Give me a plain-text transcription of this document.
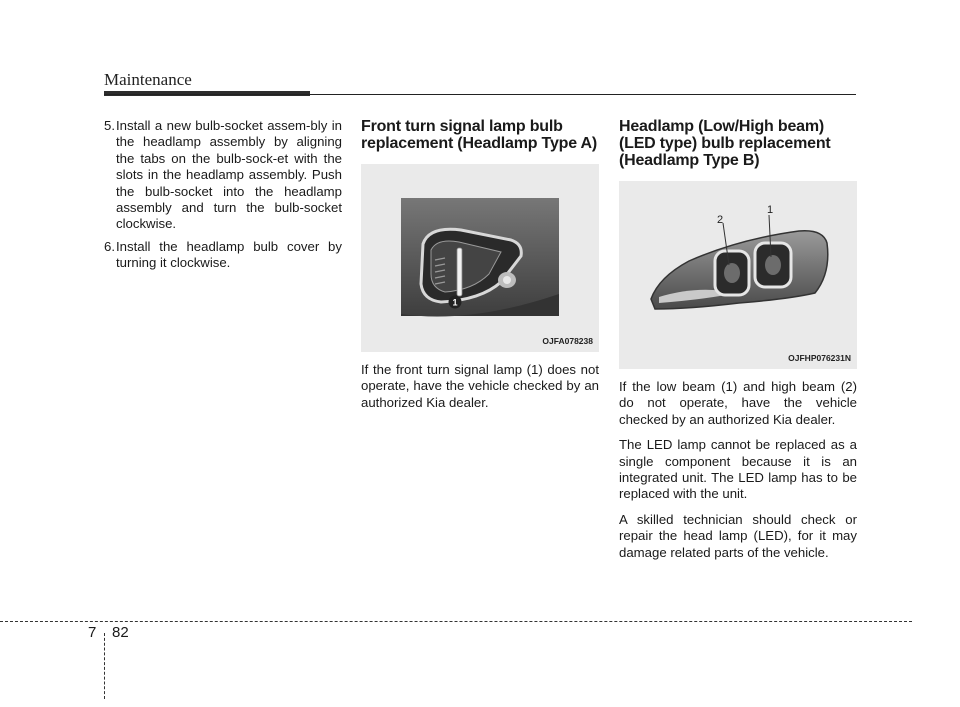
Maintenance
5.Install a new bulb-socket assem-bly in the headlamp assembly by aligning the tabs on the bulb-sock-et with the slots in the headlamp assembly. Push the bulb-socket into the headlamp assembly and turn the bulb-socket clockwise.
6.Install the headlamp bulb cover by turning it clockwise.
Front turn signal lamp bulb replacement (Headlamp Type A)
1
OJFA078238

If the front turn signal lamp (1) does not operate, have the vehicle checked by an authorized Kia dealer.

Headlamp (Low/High beam) (LED type) bulb replacement (Headlamp Type B)
1
2
OJFHP076231N

If the low beam (1) and high beam (2) do not operate, have the vehicle checked by an authorized Kia dealer.

The LED lamp cannot be replaced as a single component because it is an integrated unit. The LED lamp has to be replaced with the unit.

A skilled technician should check or repair the head lamp (LED), for it may damage related parts of the vehicle.

7 82
